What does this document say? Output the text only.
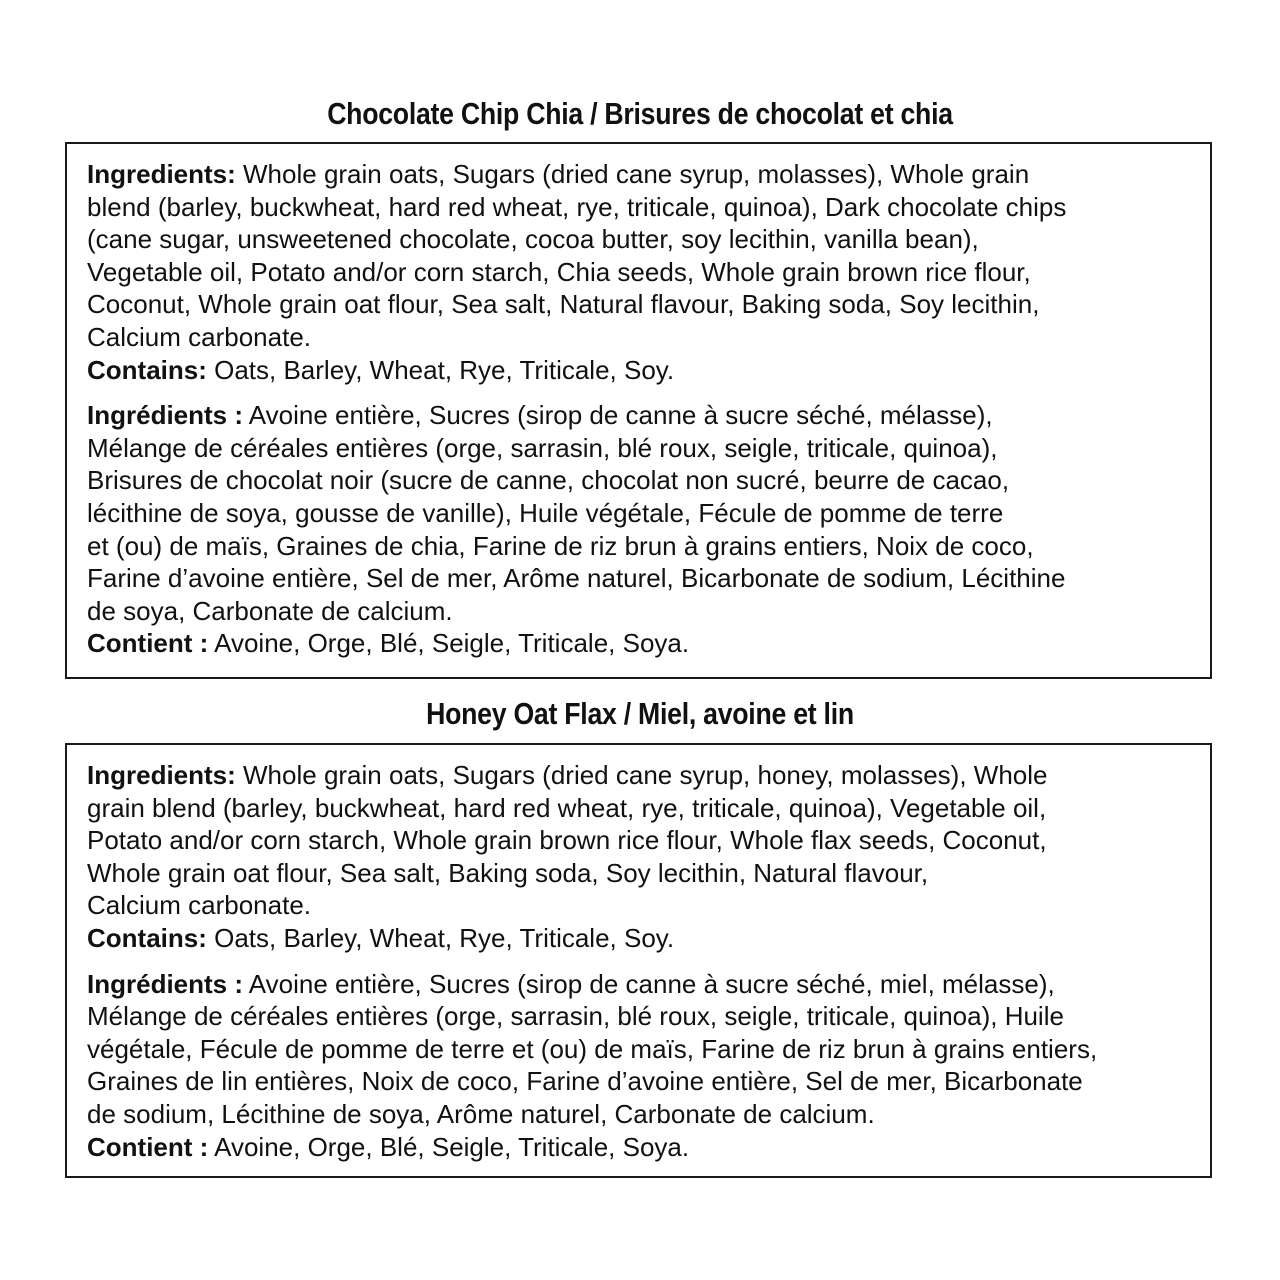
Chocolate Chip Chia / Brisures de chocolat et chia

Ingredients: Whole grain oats, Sugars (dried cane syrup, molasses), Whole grain
blend (barley, buckwheat, hard red wheat, rye, triticale, quinoa), Dark chocolate chips
(cane sugar, unsweetened chocolate, cocoa butter, soy lecithin, vanilla bean),
Vegetable oil, Potato and/or corn starch, Chia seeds, Whole grain brown rice flour,
Coconut, Whole grain oat flour, Sea salt, Natural flavour, Baking soda, Soy lecithin,
Calcium carbonate.
Contains: Oats, Barley, Wheat, Rye, Triticale, Soy.

Ingrédients : Avoine entière, Sucres (sirop de canne à sucre séché, mélasse),
Mélange de céréales entières (orge, sarrasin, blé roux, seigle, triticale, quinoa),
Brisures de chocolat noir (sucre de canne, chocolat non sucré, beurre de cacao,
lécithine de soya, gousse de vanille), Huile végétale, Fécule de pomme de terre
et (ou) de maïs, Graines de chia, Farine de riz brun à grains entiers, Noix de coco,
Farine d’avoine entière, Sel de mer, Arôme naturel, Bicarbonate de sodium, Lécithine
de soya, Carbonate de calcium.
Contient : Avoine, Orge, Blé, Seigle, Triticale, Soya.

Honey Oat Flax / Miel, avoine et lin

Ingredients: Whole grain oats, Sugars (dried cane syrup, honey, molasses), Whole
grain blend (barley, buckwheat, hard red wheat, rye, triticale, quinoa), Vegetable oil,
Potato and/or corn starch, Whole grain brown rice flour, Whole flax seeds, Coconut,
Whole grain oat flour, Sea salt, Baking soda, Soy lecithin, Natural flavour,
Calcium carbonate.
Contains: Oats, Barley, Wheat, Rye, Triticale, Soy.

Ingrédients : Avoine entière, Sucres (sirop de canne à sucre séché, miel, mélasse),
Mélange de céréales entières (orge, sarrasin, blé roux, seigle, triticale, quinoa), Huile
végétale, Fécule de pomme de terre et (ou) de maïs, Farine de riz brun à grains entiers,
Graines de lin entières, Noix de coco, Farine d’avoine entière, Sel de mer, Bicarbonate
de sodium, Lécithine de soya, Arôme naturel, Carbonate de calcium.
Contient : Avoine, Orge, Blé, Seigle, Triticale, Soya.
